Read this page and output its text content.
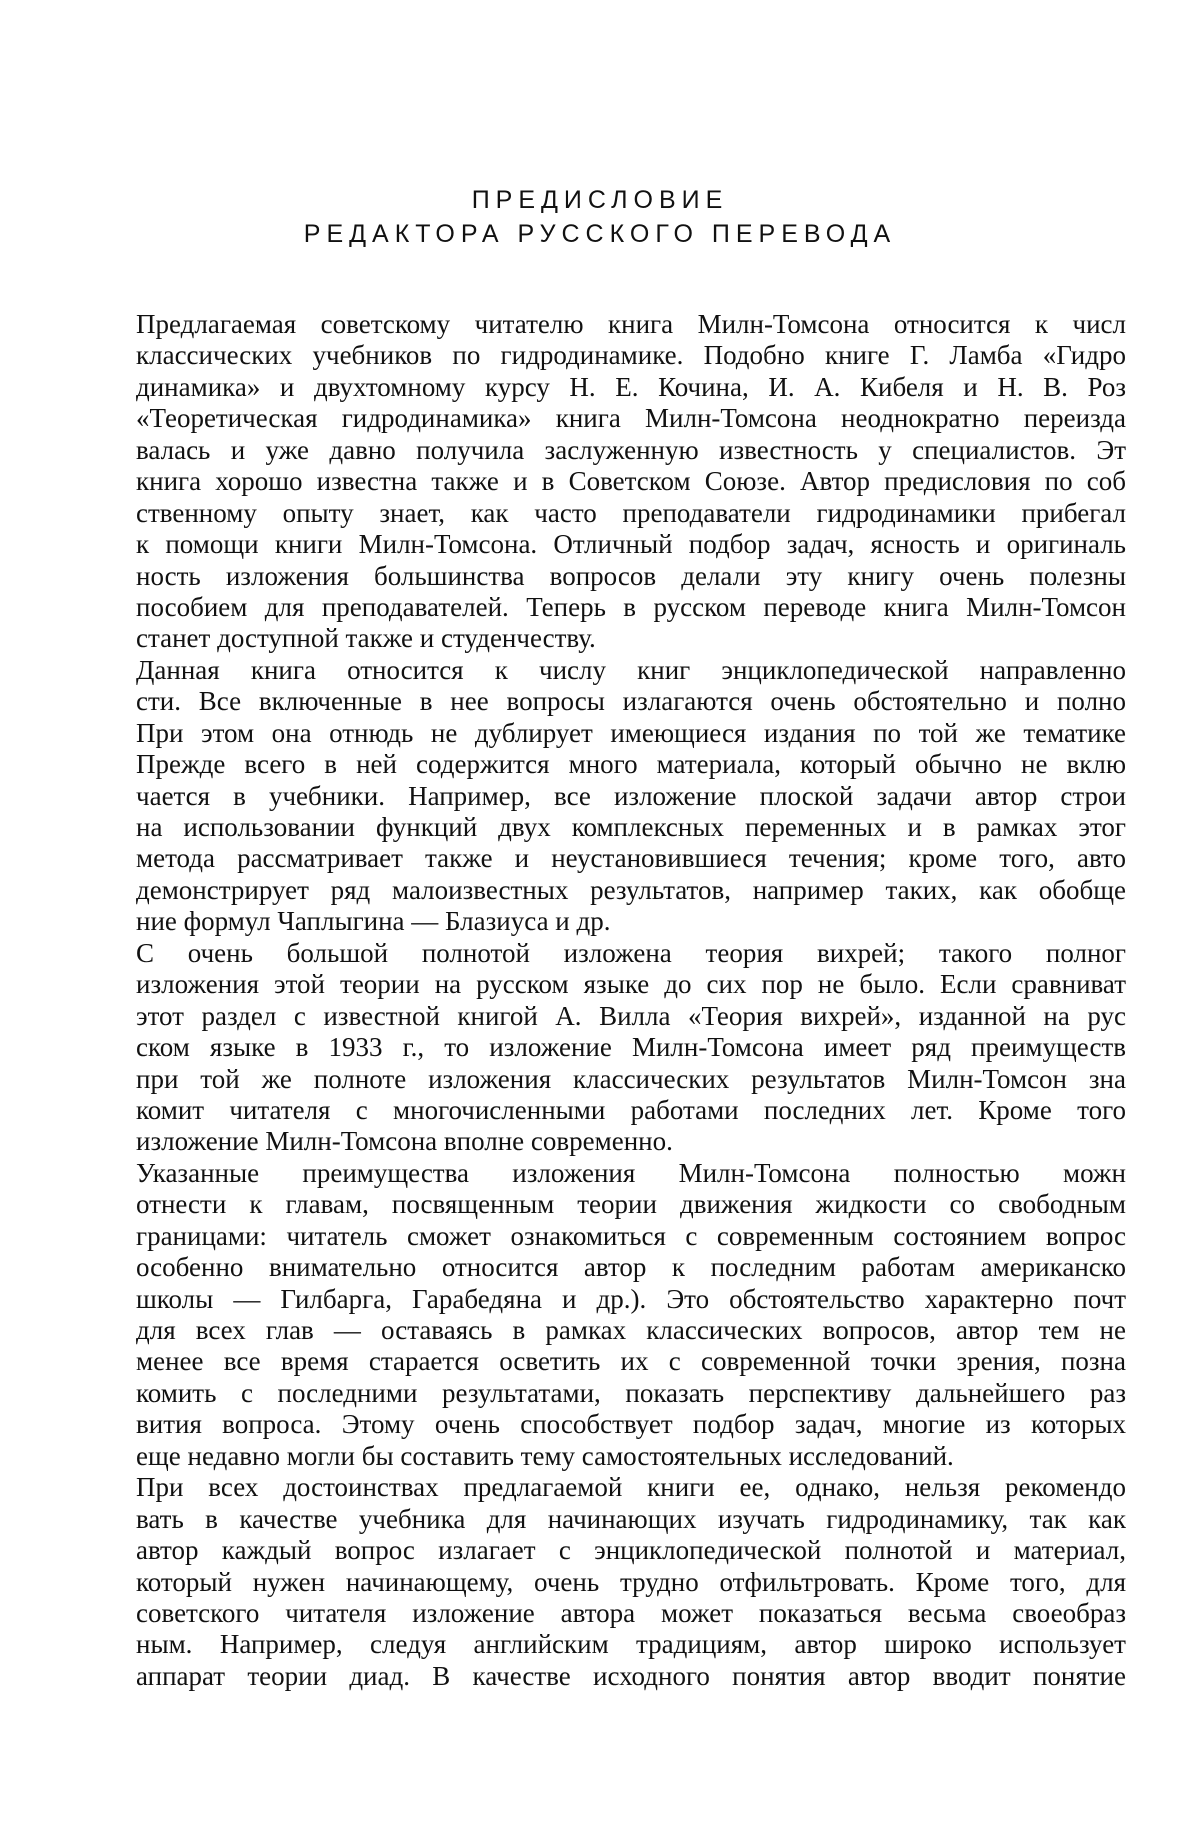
ПРЕДИСЛОВИЕ
РЕДАКТОРА РУССКОГО ПЕРЕВОДА
Предлагаемая советскому читателю книга Милн-Томсона относится к числ
классических учебников по гидродинамике. Подобно книге Г. Ламба «Гидро
динамика» и двухтомному курсу Н. Е. Кочина, И. А. Кибеля и Н. В. Роз
«Теоретическая гидродинамика» книга Милн-Томсона неоднократно переизда
валась и уже давно получила заслуженную известность у специалистов. Эт
книга хорошо известна также и в Советском Союзе. Автор предисловия по соб
ственному опыту знает, как часто преподаватели гидродинамики прибегал
к помощи книги Милн-Томсона. Отличный подбор задач, ясность и оригиналь
ность изложения большинства вопросов делали эту книгу очень полезны
пособием для преподавателей. Теперь в русском переводе книга Милн-Томсон
станет доступной также и студенчеству.
Данная книга относится к числу книг энциклопедической направленно
сти. Все включенные в нее вопросы излагаются очень обстоятельно и полно
При этом она отнюдь не дублирует имеющиеся издания по той же тематике
Прежде всего в ней содержится много материала, который обычно не вклю
чается в учебники. Например, все изложение плоской задачи автор строи
на использовании функций двух комплексных переменных и в рамках этог
метода рассматривает также и неустановившиеся течения; кроме того, авто
демонстрирует ряд малоизвестных результатов, например таких, как обобще
ние формул Чаплыгина — Блазиуса и др.
С очень большой полнотой изложена теория вихрей; такого полног
изложения этой теории на русском языке до сих пор не было. Если сравниват
этот раздел с известной книгой А. Вилла «Теория вихрей», изданной на рус
ском языке в 1933 г., то изложение Милн-Томсона имеет ряд преимуществ
при той же полноте изложения классических результатов Милн-Томсон зна
комит читателя с многочисленными работами последних лет. Кроме того
изложение Милн-Томсона вполне современно.
Указанные преимущества изложения Милн-Томсона полностью можн
отнести к главам, посвященным теории движения жидкости со свободным
границами: читатель сможет ознакомиться с современным состоянием вопрос
особенно внимательно относится автор к последним работам американско
школы — Гилбарга, Гарабедяна и др.). Это обстоятельство характерно почт
для всех глав — оставаясь в рамках классических вопросов, автор тем не
менее все время старается осветить их с современной точки зрения, позна
комить с последними результатами, показать перспективу дальнейшего раз
вития вопроса. Этому очень способствует подбор задач, многие из которых
еще недавно могли бы составить тему самостоятельных исследований.
При всех достоинствах предлагаемой книги ее, однако, нельзя рекомендо
вать в качестве учебника для начинающих изучать гидродинамику, так как
автор каждый вопрос излагает с энциклопедической полнотой и материал,
который нужен начинающему, очень трудно отфильтровать. Кроме того, для
советского читателя изложение автора может показаться весьма своеобраз
ным. Например, следуя английским традициям, автор широко использует
аппарат теории диад. В качестве исходного понятия автор вводит понятие
